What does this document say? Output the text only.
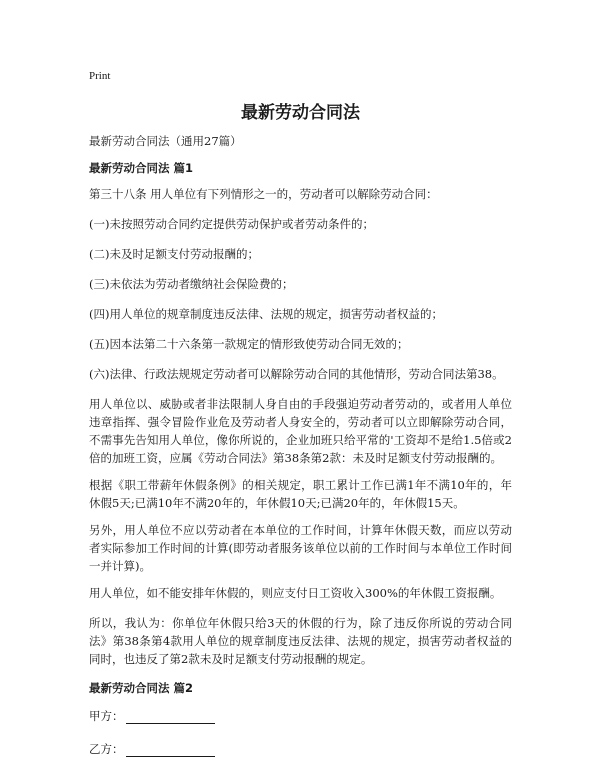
Print
最新劳动合同法
最新劳动合同法（通用27篇）
最新劳动合同法 篇1
第三十八条 用人单位有下列情形之一的，劳动者可以解除劳动合同：
(一)未按照劳动合同约定提供劳动保护或者劳动条件的；
(二)未及时足额支付劳动报酬的；
(三)未依法为劳动者缴纳社会保险费的；
(四)用人单位的规章制度违反法律、法规的规定，损害劳动者权益的；
(五)因本法第二十六条第一款规定的情形致使劳动合同无效的；
(六)法律、行政法规规定劳动者可以解除劳动合同的其他情形，劳动合同法第38。
用人单位以、威胁或者非法限制人身自由的手段强迫劳动者劳动的，或者用人单位违章指挥、强令冒险作业危及劳动者人身安全的，劳动者可以立即解除劳动合同，不需事先告知用人单位，像你所说的，企业加班只给平常的'工资却不是给1.5倍或2倍的加班工资，应属《劳动合同法》第38条第2款：未及时足额支付劳动报酬的。
根据《职工带薪年休假条例》的相关规定，职工累计工作已满1年不满10年的，年休假5天;已满10年不满20年的，年休假10天;已满20年的，年休假15天。
另外，用人单位不应以劳动者在本单位的工作时间，计算年休假天数，而应以劳动者实际参加工作时间的计算(即劳动者服务该单位以前的工作时间与本单位工作时间一并计算)。
用人单位，如不能安排年休假的，则应支付日工资收入300%的年休假工资报酬。
所以，我认为：你单位年休假只给3天的休假的行为，除了违反你所说的劳动合同法》第38条第4款用人单位的规章制度违反法律、法规的规定，损害劳动者权益的同时，也违反了第2款未及时足额支付劳动报酬的规定。
最新劳动合同法 篇2
甲方：
乙方：
